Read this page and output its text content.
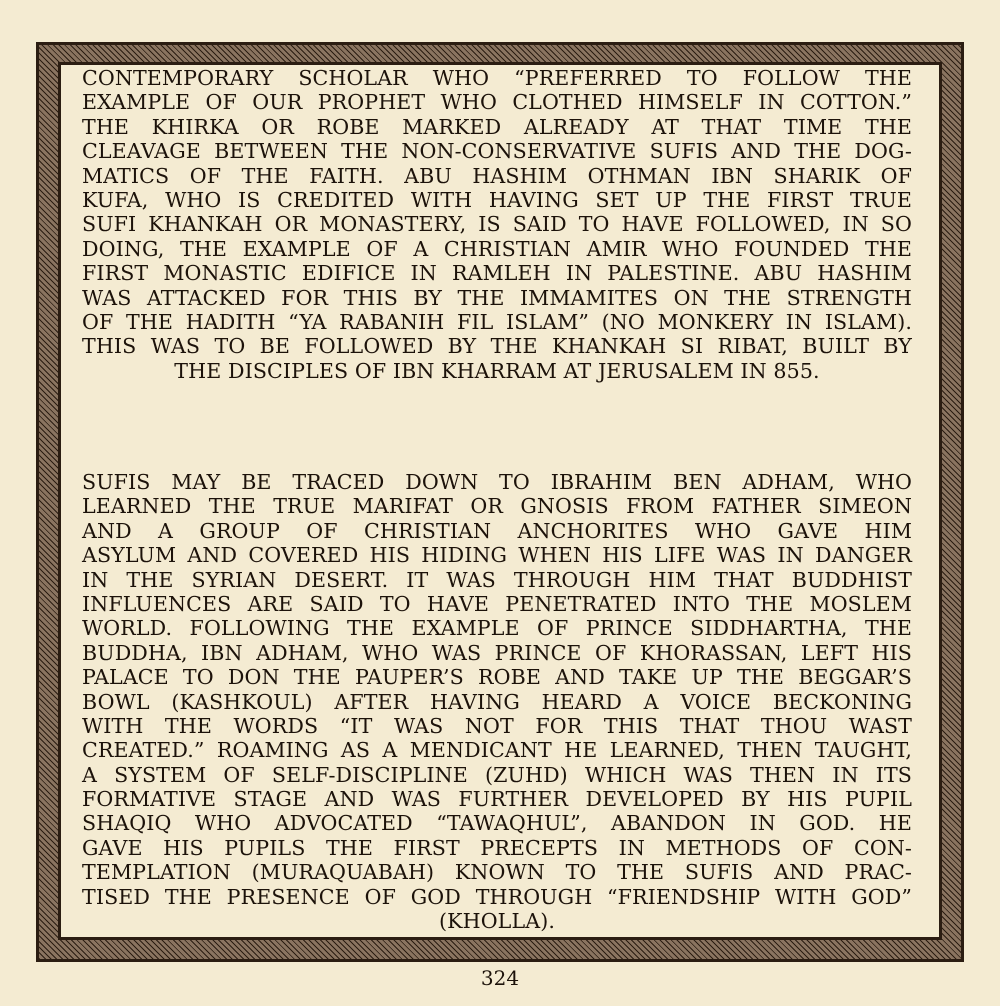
CONTEMPORARY SCHOLAR WHO “PREFERRED TO FOLLOW THE
EXAMPLE OF OUR PROPHET WHO CLOTHED HIMSELF IN COTTON.”
THE KHIRKA OR ROBE MARKED ALREADY AT THAT TIME THE
CLEAVAGE BETWEEN THE NON-CONSERVATIVE SUFIS AND THE DOG-
MATICS OF THE FAITH. ABU HASHIM OTHMAN IBN SHARIK OF
KUFA, WHO IS CREDITED WITH HAVING SET UP THE FIRST TRUE
SUFI KHANKAH OR MONASTERY, IS SAID TO HAVE FOLLOWED, IN SO
DOING, THE EXAMPLE OF A CHRISTIAN AMIR WHO FOUNDED THE
FIRST MONASTIC EDIFICE IN RAMLEH IN PALESTINE. ABU HASHIM
WAS ATTACKED FOR THIS BY THE IMMAMITES ON THE STRENGTH
OF THE HADITH “YA RABANIH FIL ISLAM” (NO MONKERY IN ISLAM).
THIS WAS TO BE FOLLOWED BY THE KHANKAH SI RIBAT, BUILT BY
THE DISCIPLES OF IBN KHARRAM AT JERUSALEM IN 855.
SUFIS MAY BE TRACED DOWN TO IBRAHIM BEN ADHAM, WHO
LEARNED THE TRUE MARIFAT OR GNOSIS FROM FATHER SIMEON
AND A GROUP OF CHRISTIAN ANCHORITES WHO GAVE HIM
ASYLUM AND COVERED HIS HIDING WHEN HIS LIFE WAS IN DANGER
IN THE SYRIAN DESERT. IT WAS THROUGH HIM THAT BUDDHIST
INFLUENCES ARE SAID TO HAVE PENETRATED INTO THE MOSLEM
WORLD. FOLLOWING THE EXAMPLE OF PRINCE SIDDHARTHA, THE
BUDDHA, IBN ADHAM, WHO WAS PRINCE OF KHORASSAN, LEFT HIS
PALACE TO DON THE PAUPER’S ROBE AND TAKE UP THE BEGGAR’S
BOWL (KASHKOUL) AFTER HAVING HEARD A VOICE BECKONING
WITH THE WORDS “IT WAS NOT FOR THIS THAT THOU WAST
CREATED.” ROAMING AS A MENDICANT HE LEARNED, THEN TAUGHT,
A SYSTEM OF SELF-DISCIPLINE (ZUHD) WHICH WAS THEN IN ITS
FORMATIVE STAGE AND WAS FURTHER DEVELOPED BY HIS PUPIL
SHAQIQ WHO ADVOCATED “TAWAQHUL”, ABANDON IN GOD. HE
GAVE HIS PUPILS THE FIRST PRECEPTS IN METHODS OF CON-
TEMPLATION (MURAQUABAH) KNOWN TO THE SUFIS AND PRAC-
TISED THE PRESENCE OF GOD THROUGH “FRIENDSHIP WITH GOD”
(KHOLLA).
324
